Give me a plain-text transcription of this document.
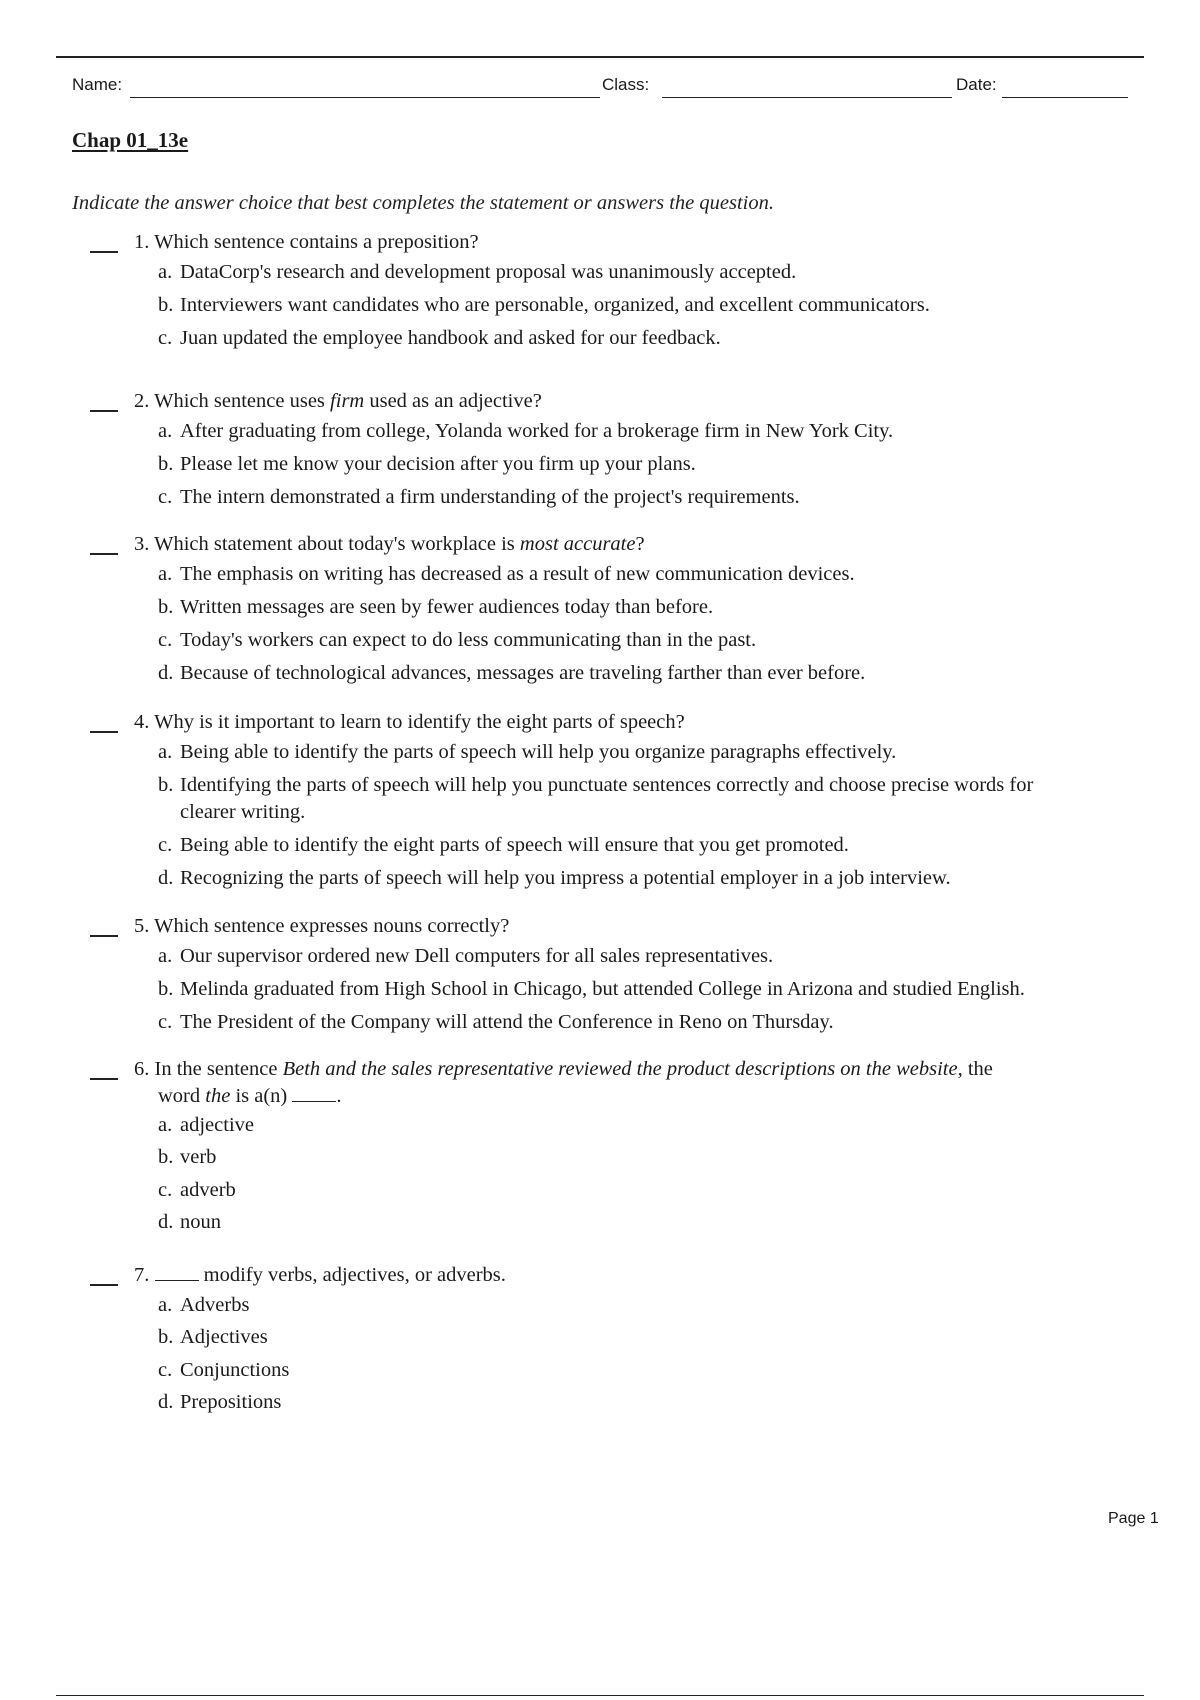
Name:	Class:	Date:
Chap 01_13e
Indicate the answer choice that best completes the statement or answers the question.
1. Which sentence contains a preposition?
a. DataCorp's research and development proposal was unanimously accepted.
b. Interviewers want candidates who are personable, organized, and excellent communicators.
c. Juan updated the employee handbook and asked for our feedback.
2. Which sentence uses firm used as an adjective?
a. After graduating from college, Yolanda worked for a brokerage firm in New York City.
b. Please let me know your decision after you firm up your plans.
c. The intern demonstrated a firm understanding of the project's requirements.
3. Which statement about today's workplace is most accurate?
a. The emphasis on writing has decreased as a result of new communication devices.
b. Written messages are seen by fewer audiences today than before.
c. Today's workers can expect to do less communicating than in the past.
d. Because of technological advances, messages are traveling farther than ever before.
4. Why is it important to learn to identify the eight parts of speech?
a. Being able to identify the parts of speech will help you organize paragraphs effectively.
b. Identifying the parts of speech will help you punctuate sentences correctly and choose precise words for
clearer writing.
c. Being able to identify the eight parts of speech will ensure that you get promoted.
d. Recognizing the parts of speech will help you impress a potential employer in a job interview.
5. Which sentence expresses nouns correctly?
a. Our supervisor ordered new Dell computers for all sales representatives.
b. Melinda graduated from High School in Chicago, but attended College in Arizona and studied English.
c. The President of the Company will attend the Conference in Reno on Thursday.
6. In the sentence Beth and the sales representative reviewed the product descriptions on the website, the
word the is a(n) .
a. adjective
b. verb
c. adverb
d. noun
7.  modify verbs, adjectives, or adverbs.
a. Adverbs
b. Adjectives
c. Conjunctions
d. Prepositions
Page 1
